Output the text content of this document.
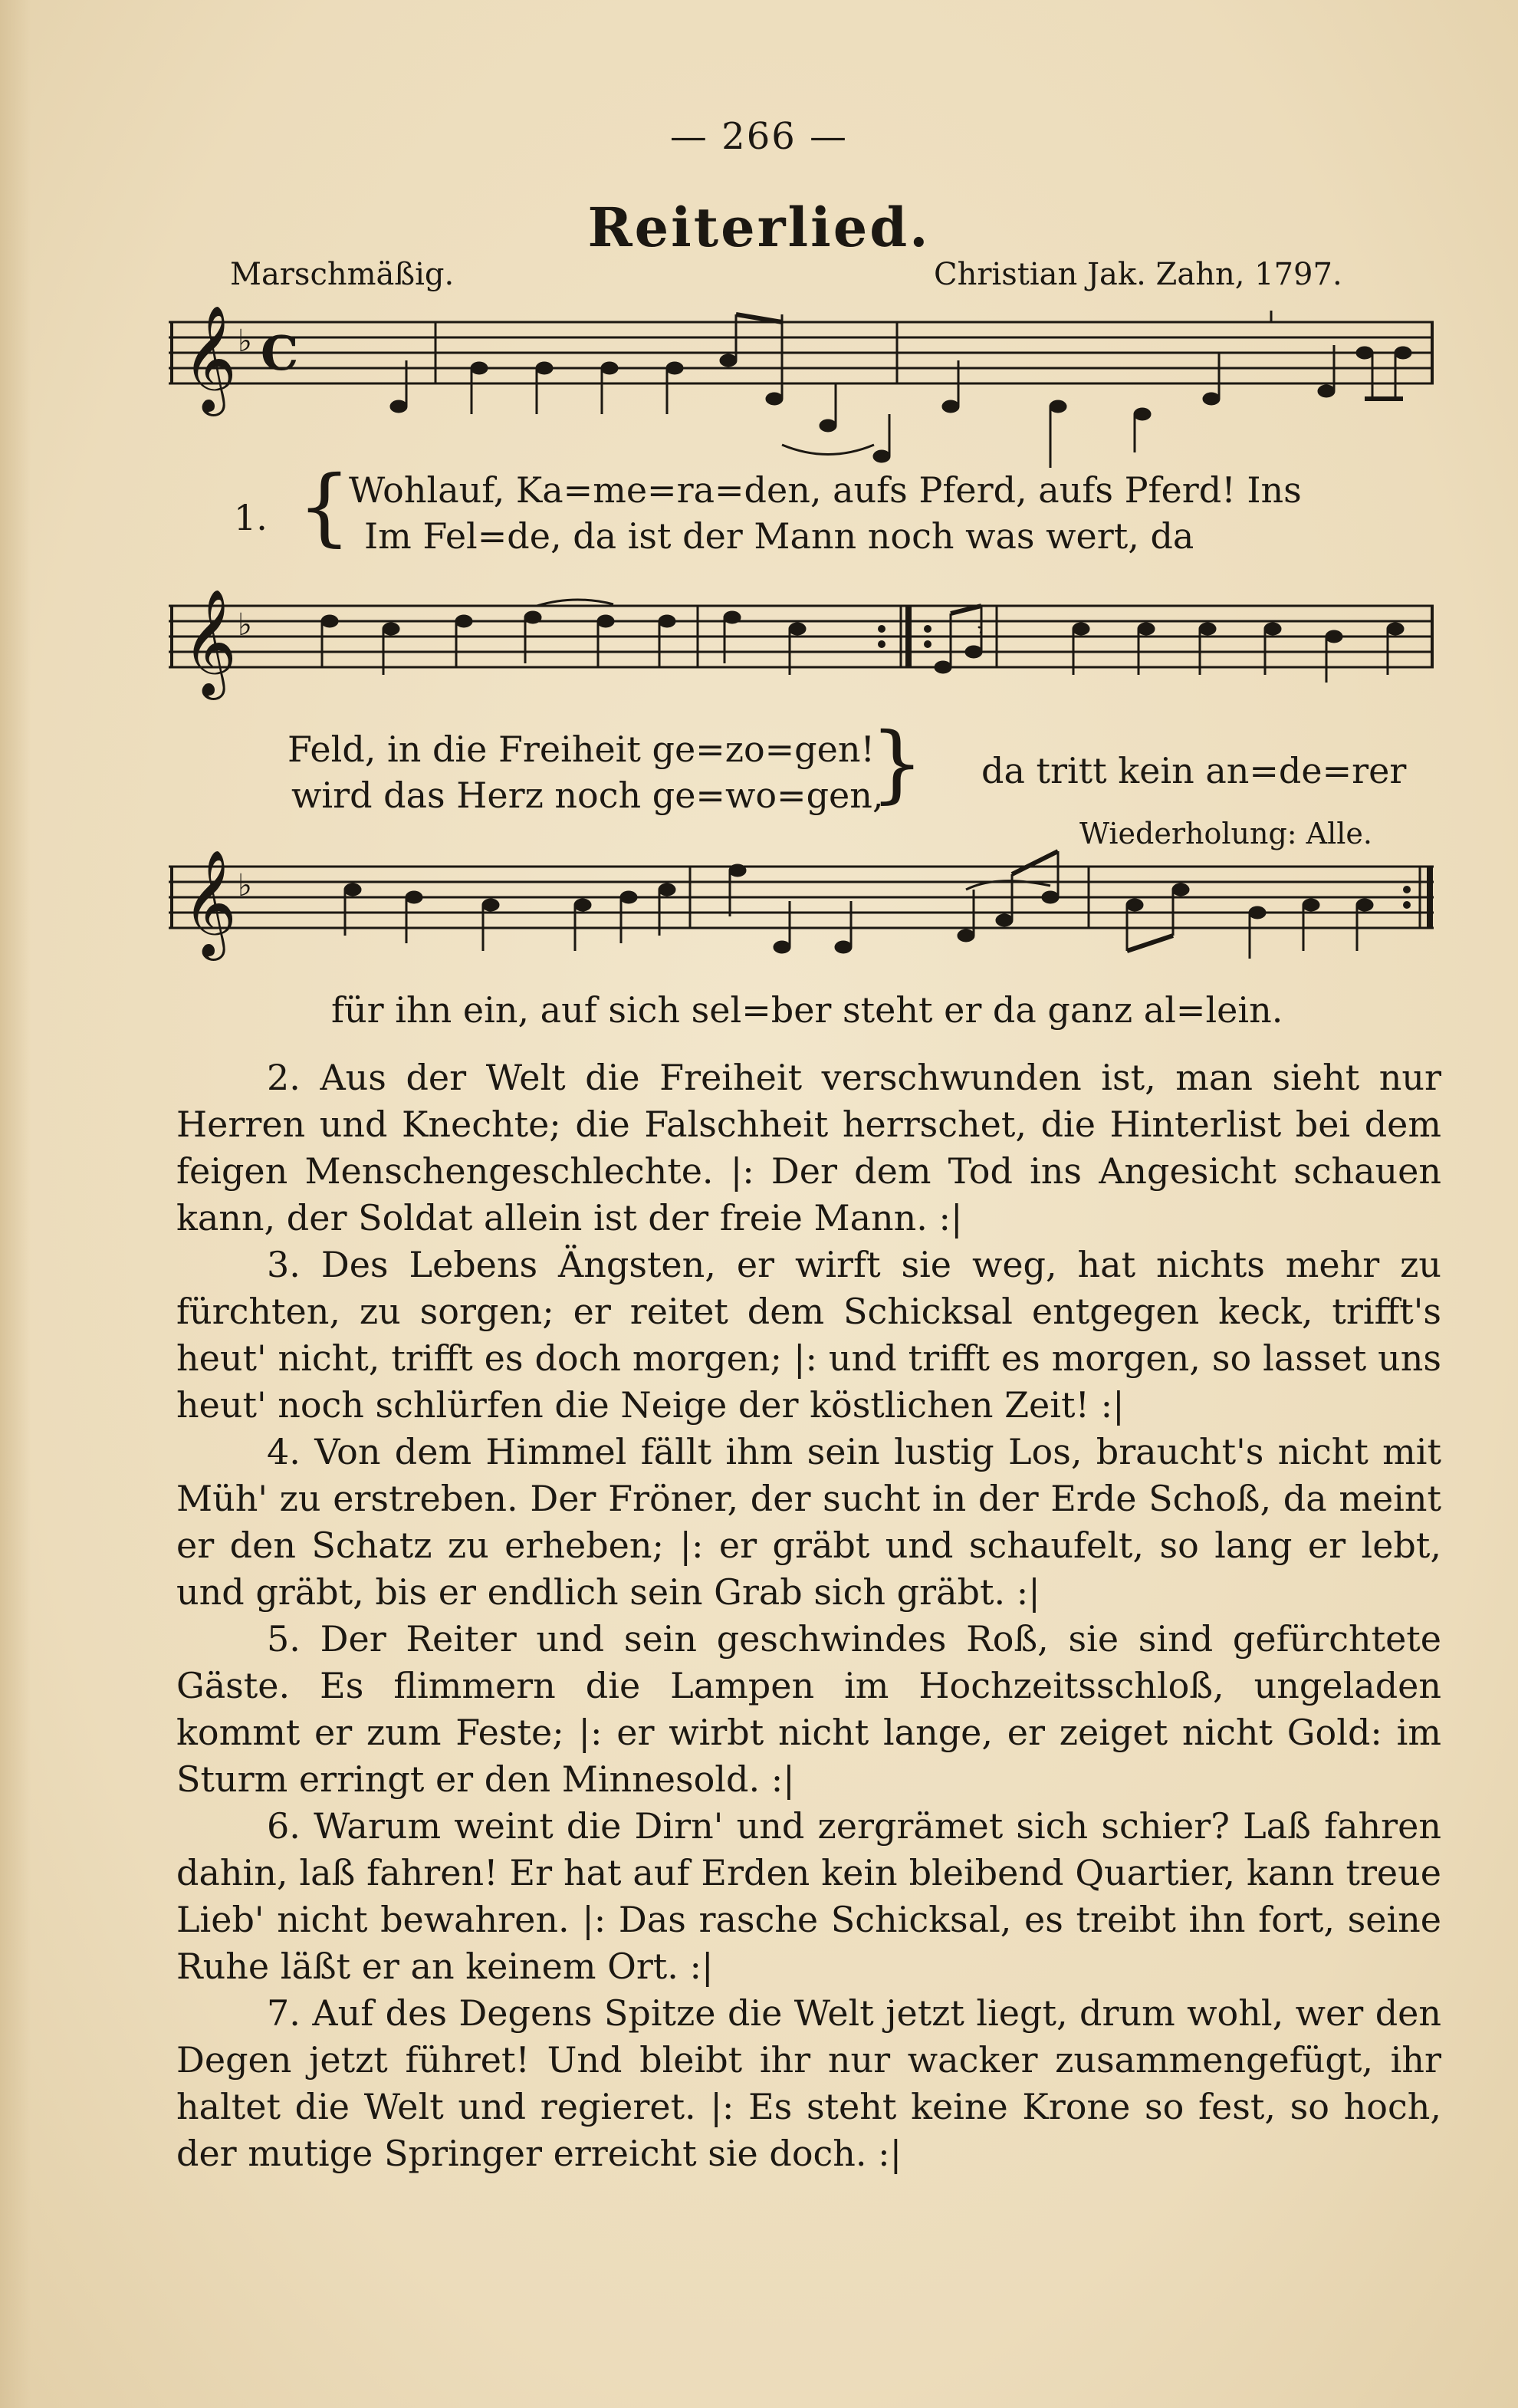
— 266 —
Reiterlied.
Marschmäßig.	Christian Jak. Zahn, 1797.
𝄞 ♭ C
1. {
Wohlauf, Ka=me=ra=den, aufs Pferd, aufs Pferd! Ins
Im Fel=de, da ist der Mann noch was wert, da
𝄞 ♭	𝄾
Feld, in die Freiheit ge=zo=gen!
wird das Herz noch ge=wo=gen,
{ da tritt kein an=de=rer
Wiederholung: Alle.
𝄞 ♭
für ihn ein, auf sich sel=ber steht er da ganz al=lein.

2. Aus der Welt die Freiheit verschwunden ist, man sieht nur Herren und Knechte; die Falschheit herrschet, die Hinterlist bei dem feigen Menschengeschlechte. |: Der dem Tod ins Angesicht schauen kann, der Soldat allein ist der freie Mann. :|

3. Des Lebens Ängsten, er wirft sie weg, hat nichts mehr zu fürchten, zu sorgen; er reitet dem Schicksal entgegen keck, trifft's heut' nicht, trifft es doch morgen; |: und trifft es morgen, so lasset uns heut' noch schlürfen die Neige der köstlichen Zeit! :|

4. Von dem Himmel fällt ihm sein lustig Los, braucht's nicht mit Müh' zu erstreben. Der Fröner, der sucht in der Erde Schoß, da meint er den Schatz zu erheben; |: er gräbt und schaufelt, so lang er lebt, und gräbt, bis er endlich sein Grab sich gräbt. :|

5. Der Reiter und sein geschwindes Roß, sie sind gefürchtete Gäste. Es flimmern die Lampen im Hochzeitsschloß, ungeladen kommt er zum Feste; |: er wirbt nicht lange, er zeiget nicht Gold: im Sturm erringt er den Minnesold. :|

6. Warum weint die Dirn' und zergrämet sich schier? Laß fahren dahin, laß fahren! Er hat auf Erden kein bleibend Quartier, kann treue Lieb' nicht bewahren. |: Das rasche Schicksal, es treibt ihn fort, seine Ruhe läßt er an keinem Ort. :|

7. Auf des Degens Spitze die Welt jetzt liegt, drum wohl, wer den Degen jetzt führet! Und bleibt ihr nur wacker zusammengefügt, ihr haltet die Welt und regieret. |: Es steht keine Krone so fest, so hoch, der mutige Springer erreicht sie doch. :|
